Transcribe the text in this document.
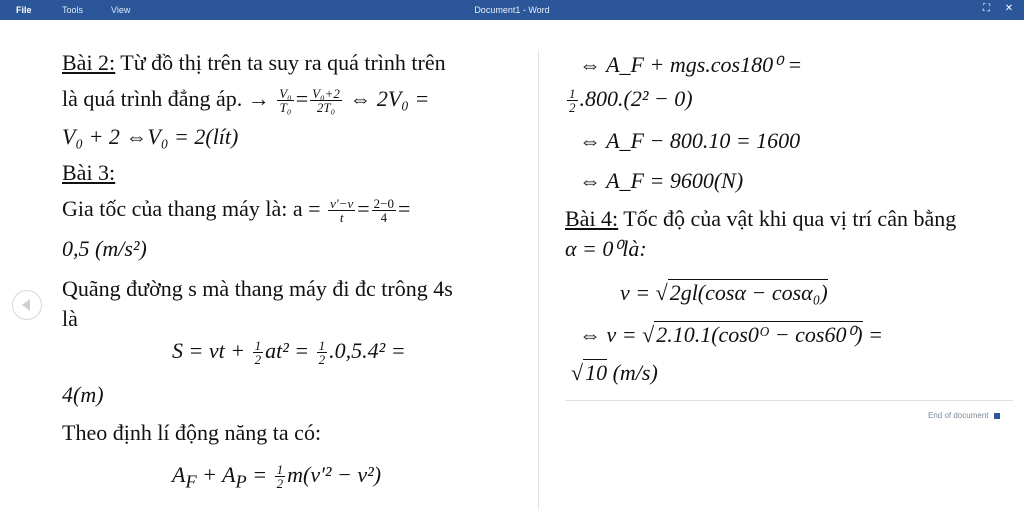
File	Tools	View	Document1 - Word	⛶ ✕
Bài 2: Từ đồ thị trên ta suy ra quá trình trên
là quá trình đẳng áp. → $\frac{\text{V₀}}{\text{T₀}} = \frac{\text{V₀+2}}{\text{2T₀}}$ ⇔ 2V₀ =
V₀ + 2 ⇔V₀ = 2(lít)
Bài 3:
Gia tốc của thang máy là: $a = \frac{v'-v}{t} = \frac{2-0}{4}$ =
0,5 (m/s²)
Quãng đường s mà thang máy đi đc trông 4s
là
S = vt + $\frac{1}{2} at^2 = \frac{1}{2} .0,5.4^2$ =
4(m)
Theo định lí động năng ta có:
$A_F + A_P = \frac{1}{2} m(v'^2 - v^2)$
⇔ A_F + mgs.cos180⁰ =
$\frac{1}{2} .800.(2^2 - 0)$
⇔ A_F − 800.10 = 1600
⇔ A_F = 9600(N)
Bài 4: Tốc độ của vật khi qua vị trí cân bằng
α = 0⁰là:
v = √2gl(cosα − cosα₀)
⇔ v = √2.10.1(cos0ᴼ − cos60⁰) =
√10 (m/s)
End of document
